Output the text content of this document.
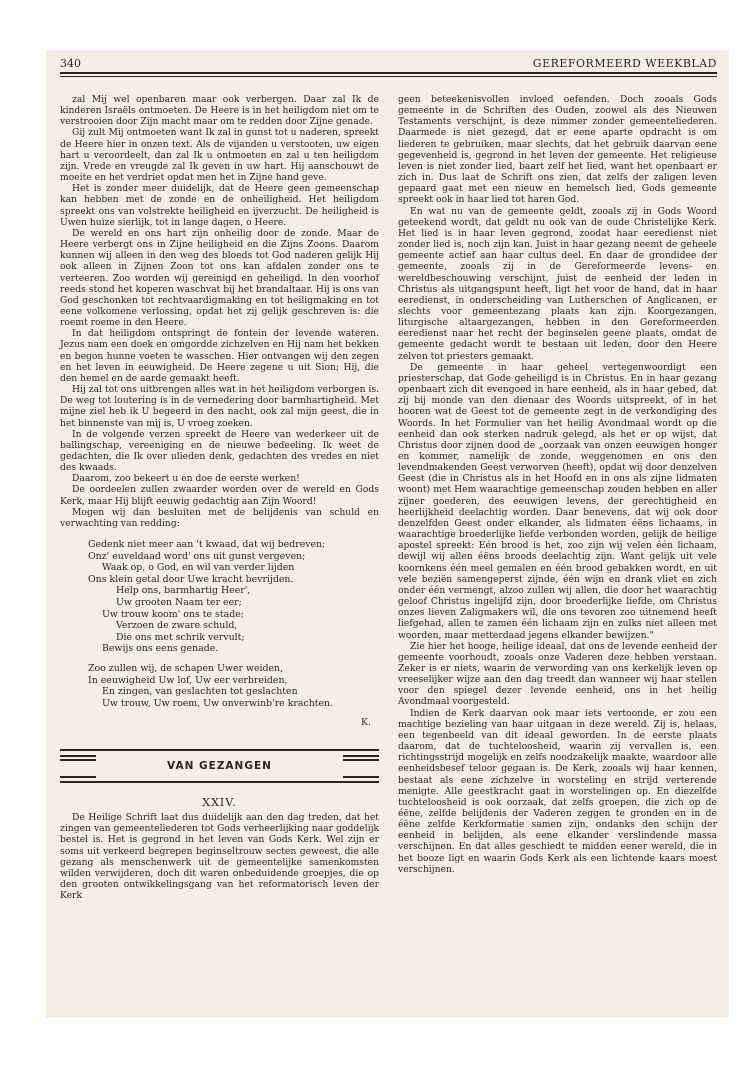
340	GEREFORMEERD WEEKBLAD

zal Mij wel openbaren maar ook verbergen. Daar zal Ik de kinderen Israëls ontmoeten. De Heere is in het heiligdom niet om te verstrooien door Zijn macht maar om te redden door Zijne genade.

Gij zult Mij ontmoeten want Ik zal in gunst tot u naderen, spreekt de Heere hier in onzen text. Als de vijanden u verstooten, uw eigen hart u veroordeelt, dan zal Ik u ontmoeten en zal u ten heiligdom zijn. Vrede en vreugde zal Ik geven in uw hart. Hij aanschouwt de moeite en het verdriet opdat men het in Zijne hand geve.

Het is zonder meer duidelijk, dat de Heere geen gemeenschap kan hebben met de zonde en de onheiligheid. Het heiligdom spreekt ons van volstrekte heiligheid en ijverzucht. De heiligheid is Uwen huize sierlijk, tot in lange dagen, o Heere.

De wereld en ons hart zijn onheilig door de zonde. Maar de Heere verbergt ons in Zijne heiligheid en die Zijns Zoons. Daarom kunnen wij alleen in den weg des bloeds tot God naderen gelijk Hij ook alleen in Zijnen Zoon tot ons kan afdalen zonder ons te verteeren. Zoo worden wij gereinigd en geheiligd. In den voorhof reeds stond het koperen waschvat bij het brandaltaar. Hij is ons van God geschonken tot rechtvaardigmaking en tot heiligmaking en tot eene volkomene verlossing, opdat het zij gelijk geschreven is: die roemt roeme in den Heere.

In dat heiligdom ontspringt de fontein der levende wateren. Jezus nam een doek en omgordde zichzelven en Hij nam het bekken en begon hunne voeten te wasschen. Hier ontvangen wij den zegen en het leven in eeuwigheid. De Heere zegene u uit Sion; Hij, die den hemel en de aarde gemaakt heeft.

Hij zal tot ons uitbrengen alles wat in het heiligdom verborgen is. De weg tot loutering is in de vernedering door barmhartigheid. Met mijne ziel heb ik U begeerd in den nacht, ook zal mijn geest, die in het binnenste van mij is, U vroeg zoeken.

In de volgende verzen spreekt de Heere van wederkeer uit de ballingschap, vereeniging en de nieuwe bedeeling. Ik weet de gedachten, die Ik over ulieden denk, gedachten des vredes en niet des kwaads.

Daarom, zoo bekeert u en doe de eerste werken!

De oordeelen zullen zwaarder worden over de wereld en Gods Kerk, maar Hij blijft eeuwig gedachtig aan Zijn Woord!

Mogen wij dan besluiten met de belijdenis van schuld en verwachting van redding:

Gedenk niet meer aan 't kwaad, dat wij bedreven;
Onz' euveldaad word' ons uit gunst vergeven;
Waak op, o God, en wil van verder lijden
Ons klein getal door Uwe kracht bevrijden.
Help ons, barmhartig Heer',
Uw grooten Naam ter eer;
Uw trouw koom' ons te stade;
Verzoen de zware schuld,
Die ons met schrik vervult;
Bewijs ons eens genade.
Zoo zullen wij, de schapen Uwer weiden,
In eeuwigheid Uw lof, Uw eer verbreiden,
En zingen, van geslachten tot geslachten
Uw trouw, Uw roem, Uw onverwinb're krachten.
K.
VAN GEZANGEN
XXIV.

De Heilige Schrift laat dus duidelijk aan den dag treden, dat het zingen van gemeenteliederen tot Gods verheerlijking naar goddelijk bestel is. Het is gegrond in het leven van Gods Kerk. Wel zijn er soms uit verkeerd begrepen beginseltrouw secten geweest, die alle gezang als menschenwerk uit de gemeentelijke samenkomsten wilden verwijderen, doch dit waren onbeduidende groepjes, die op den grooten ontwikkelingsgang van het reformatorisch leven der Kerk

geen beteekenisvollen invloed oefenden. Doch zooals Gods gemeente in de Schriften des Ouden, zoowel als des Nieuwen Testaments verschijnt, is deze nimmer zonder gemeenteliederen. Daarmede is niet gezegd, dat er eene aparte opdracht is om liederen te gebruiken, maar slechts, dat het gebruik daarvan eene gegevenheid is, gegrond in het leven der gemeente. Het religieuse leven is niet zonder lied, baart zelf het lied, want het openbaart er zich in. Dus laat de Schrift ons zien, dat zelfs der zaligen leven gepaard gaat met een nieuw en hemelsch lied, Gods gemeente spreekt ook in haar lied tot haren God.

En wat nu van de gemeente geldt, zooals zij in Gods Woord geteekend wordt, dat geldt nu ook van de oude Christelijke Kerk. Het lied is in haar leven gegrond, zoodat haar eeredienst niet zonder lied is, noch zijn kan. Juist in haar gezang neemt de geheele gemeente actief aan haar cultus deel. En daar de grondidee der gemeente, zooals zij in de Gereformeerde levens- en wereldbeschouwing verschijnt, juist de eenheid der leden in Christus als uitgangspunt heeft, ligt het voor de hand, dat in haar eeredienst, in onderscheiding van Lutherschen of Anglicanen, er slechts voor gemeentezang plaats kan zijn. Koorgezangen, liturgische altaargezangen, hebben in den Gereformeerden eeredienst naar het recht der beginselen geene plaats, omdat de gemeente gedacht wordt te bestaan uit leden, door den Heere zelven tot priesters gemaakt.

De gemeente in haar geheel vertegenwoordigt een priesterschap, dat Gode geheiligd is in Christus. En in haar gezang openbaart zich dit evengoed in hare eenheid, als in haar gebed, dat zij bij monde van den dienaar des Woords uitspreekt, of in het hooren wat de Geest tot de gemeente zegt in de verkondiging des Woords. In het Formulier van het heilig Avondmaal wordt op die eenheid dan ook sterken nadruk gelegd, als het er op wijst, dat Christus door zijnen dood de „oorzaak van onzen eeuwigen honger en kommer, namelijk de zonde, weggenomen en ons den levendmakenden Geest verworven (heeft), opdat wij door denzelven Geest (die in Christus als in het Hoofd en in ons als zijne lidmaten woont) met Hem waarachtige gemeenschap zouden hebben en aller zijner goederen, des eeuwigen levens, der gerechtigheid en heerlijkheid deelachtig worden. Daar benevens, dat wij ook door denzelfden Geest onder elkander, als lidmaten éëns lichaams, in waarachtige broederlijke liefde verbonden worden, gelijk de heilige apostel spreekt: Eén brood is het, zoo zijn wij velen één lichaam, dewijl wij allen éëns broods deelachtig zijn. Want gelijk uit vele koornkens één meel gemalen en één brood gebakken wordt, en uit vele beziën samengeperst zijnde, één wijn en drank vliet en zich onder één vermengt, alzoo zullen wij allen, die door het waarachtig geloof Christus ingelijfd zijn, door broederlijke liefde, om Christus onzes lieven Zaligmakers wil, die ons tevoren zoo uitnemend heeft liefgehad, allen te zamen één lichaam zijn en zulks niet alleen met woorden, maar metterdaad jegens elkander bewijzen."

Zie hier het hooge, heilige ideaal, dat ons de levende eenheid der gemeente voorhoudt, zooals onze Vaderen deze hebben verstaan. Zeker is er niets, waarin de verwording van ons kerkelijk leven op vreeselijker wijze aan den dag treedt dan wanneer wij haar stellen voor den spiegel dezer levende eenheid, ons in het heilig Avondmaal voorgesteld.

Indien de Kerk daarvan ook maar iets vertoonde, er zou een machtige bezieling van haar uitgaan in deze wereld. Zij is, helaas, een tegenbeeld van dit ideaal geworden. In de eerste plaats daarom, dat de tuchteloosheid, waarin zij vervallen is, een richtingsstrijd mogelijk en zelfs noodzakelijk maakte, waardoor alle eenheidsbesef teloor gegaan is. De Kerk, zooals wij haar kennen, bestaat als eene zichzelve in worsteling en strijd verterende menigte. Alle geestkracht gaat in worstelingen op. En diezelfde tuchteloosheid is ook oorzaak, dat zelfs groepen, die zich op de éëne, zelfde belijdenis der Vaderen zeggen te gronden en in de éëne zelfde Kerkformatie samen zijn, ondanks den schijn der eenheid in belijden, als eene elkander verslindende massa verschijnen. En dat alles geschiedt te midden eener wereld, die in het booze ligt en waarin Gods Kerk als een lichtende kaars moest verschijnen.
